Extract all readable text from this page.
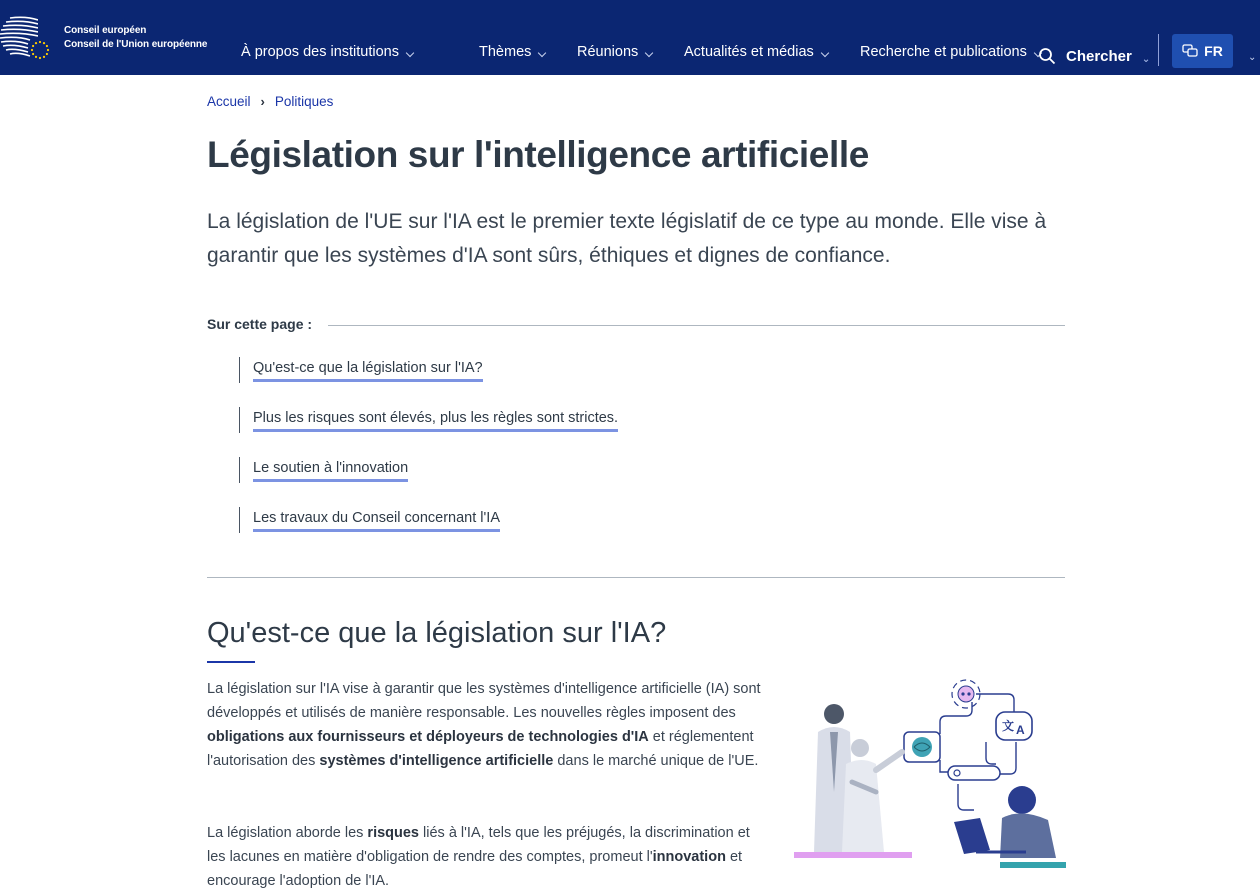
Conseil européen
Conseil de l'Union européenne À propos des institutions	Thèmes	Réunions	Actualités et médias	Recherche et publications	Chercher ⌄	FR	⌄
Accueil › Politiques
Législation sur l'intelligence artificielle

La législation de l'UE sur l'IA est le premier texte législatif de ce type au monde. Elle vise à garantir que les systèmes d'IA sont sûrs, éthiques et dignes de confiance.

Sur cette page :
Qu'est-ce que la législation sur l'IA?
Plus les risques sont élevés, plus les règles sont strictes.
Le soutien à l'innovation
Les travaux du Conseil concernant l'IA
Qu'est-ce que la législation sur l'IA?

La législation sur l'IA vise à garantir que les systèmes d'intelligence artificielle (IA) sont développés et utilisés de manière responsable. Les nouvelles règles imposent des obligations aux fournisseurs et déployeurs de technologies d'IA et réglementent l'autorisation des systèmes d'intelligence artificielle dans le marché unique de l'UE.

La législation aborde les risques liés à l'IA, tels que les préjugés, la discrimination et les lacunes en matière d'obligation de rendre des comptes, promeut l'innovation et encourage l'adoption de l'IA.

文 A
